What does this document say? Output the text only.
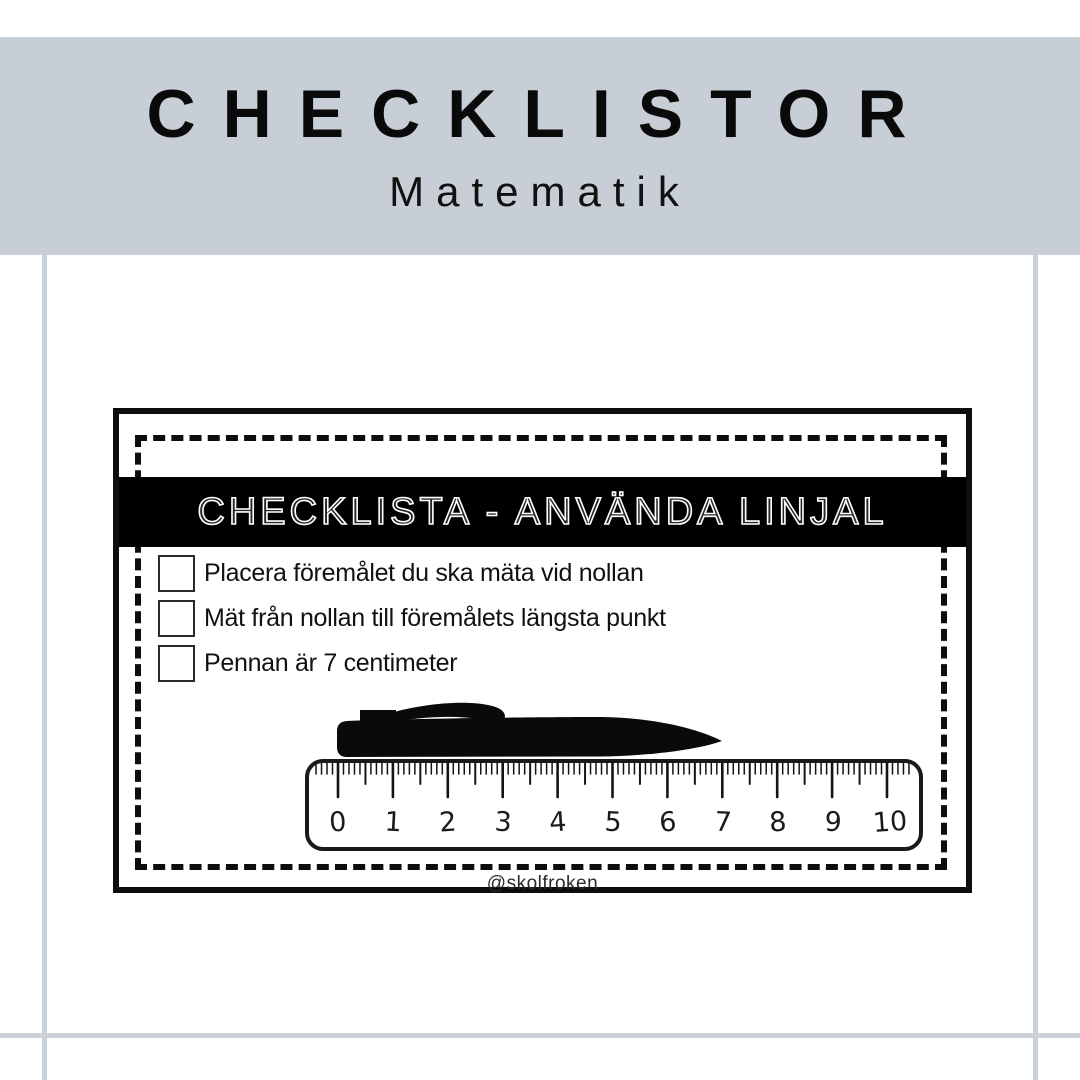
CHECKLISTOR
Matematik
CHECKLISTA - ANVÄNDA LINJAL
Placera föremålet du ska mäta vid nollan
Mät från nollan till föremålets längsta punkt
Pennan är 7 centimeter
0 1 2 3 4 5 6 7 8 9 10
@skolfroken
